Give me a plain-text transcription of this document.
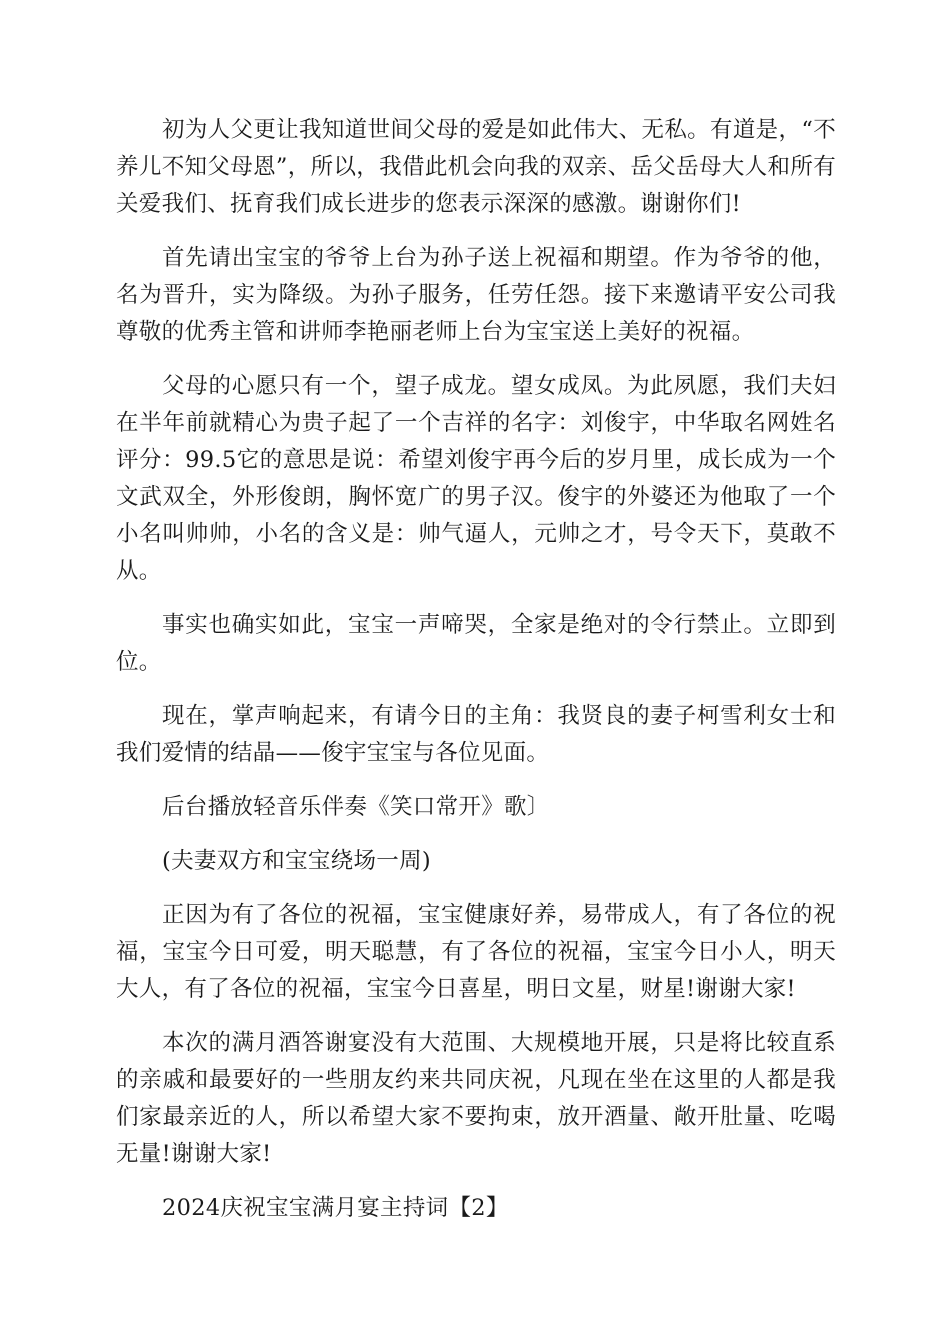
初为人父更让我知道世间父母的爱是如此伟大、无私。有道是，“不养儿不知父母恩”，所以，我借此机会向我的双亲、岳父岳母大人和所有关爱我们、抚育我们成长进步的您表示深深的感激。谢谢你们!

首先请出宝宝的爷爷上台为孙子送上祝福和期望。作为爷爷的他，名为晋升，实为降级。为孙子服务，任劳任怨。接下来邀请平安公司我尊敬的优秀主管和讲师李艳丽老师上台为宝宝送上美好的祝福。

父母的心愿只有一个，望子成龙。望女成凤。为此夙愿，我们夫妇在半年前就精心为贵子起了一个吉祥的名字：刘俊宇，中华取名网姓名评分：99.5它的意思是说：希望刘俊宇再今后的岁月里，成长成为一个文武双全，外形俊朗，胸怀宽广的男子汉。俊宇的外婆还为他取了一个小名叫帅帅，小名的含义是：帅气逼人，元帅之才，号令天下，莫敢不从。

事实也确实如此，宝宝一声啼哭，全家是绝对的令行禁止。立即到位。

现在，掌声响起来，有请今日的主角：我贤良的妻子柯雪利女士和我们爱情的结晶——俊宇宝宝与各位见面。

后台播放轻音乐伴奏《笑口常开》歌〕

(夫妻双方和宝宝绕场一周)

正因为有了各位的祝福，宝宝健康好养，易带成人，有了各位的祝福，宝宝今日可爱，明天聪慧，有了各位的祝福，宝宝今日小人，明天大人，有了各位的祝福，宝宝今日喜星，明日文星，财星!谢谢大家!

本次的满月酒答谢宴没有大范围、大规模地开展，只是将比较直系的亲戚和最要好的一些朋友约来共同庆祝，凡现在坐在这里的人都是我们家最亲近的人，所以希望大家不要拘束，放开酒量、敞开肚量、吃喝无量!谢谢大家!

2024庆祝宝宝满月宴主持词【2】
